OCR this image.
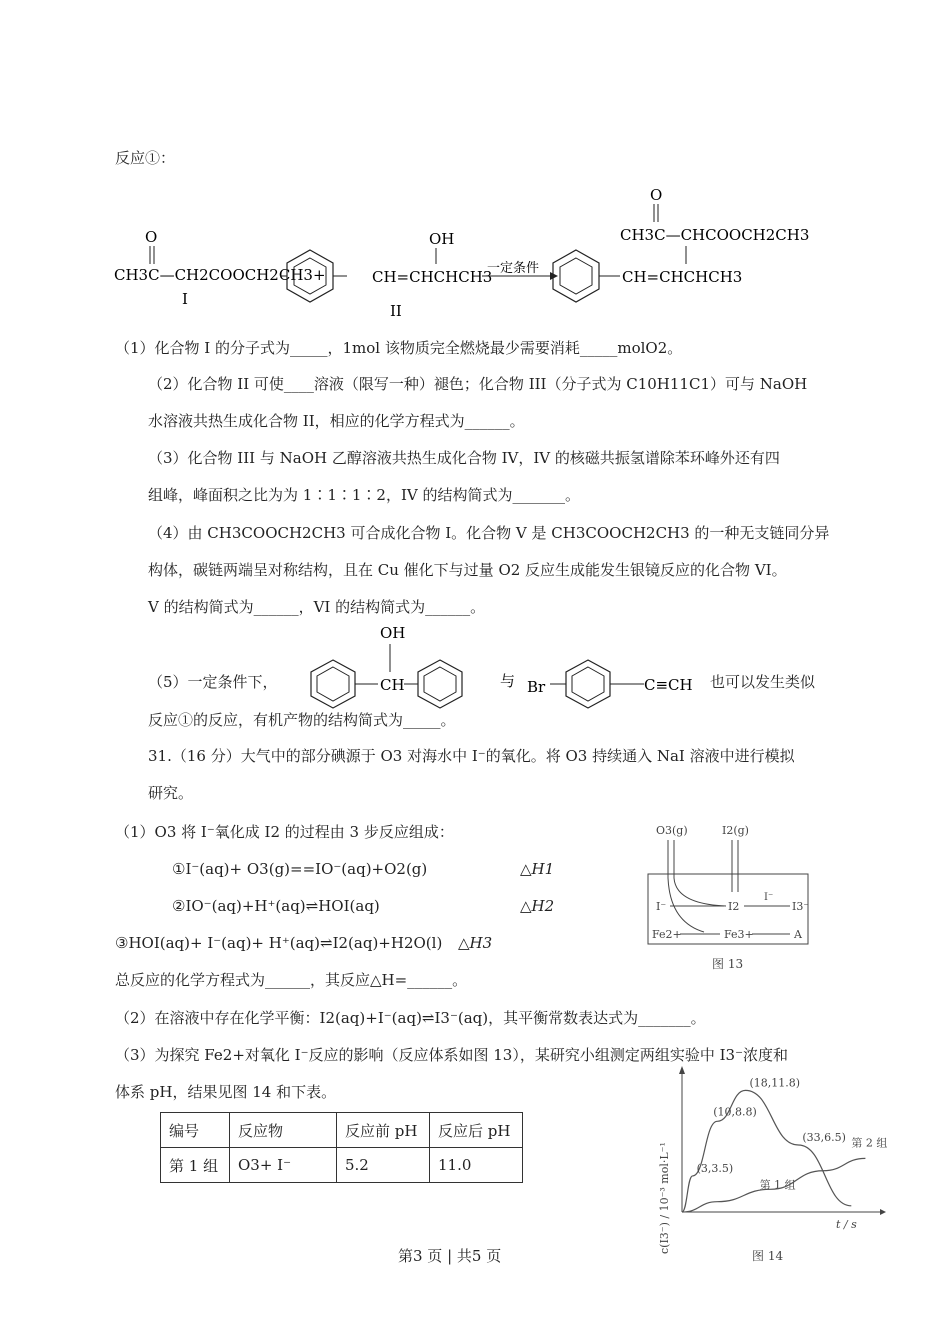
反应①：
O
CH3C—CH2COOCH2CH3+
I
OH
CH=CHCHCH3
II
一定条件
O
CH3C—CHCOOCH2CH3
CH=CHCHCH3
（1）化合物 I 的分子式为_____，1mol 该物质完全燃烧最少需要消耗_____molO2。
（2）化合物 II 可使____溶液（限写一种）褪色；化合物 III（分子式为 C10H11C1）可与 NaOH
水溶液共热生成化合物 II，相应的化学方程式为______。
（3）化合物 III 与 NaOH 乙醇溶液共热生成化合物 IV，IV 的核磁共振氢谱除苯环峰外还有四
组峰，峰面积之比为为 1∶1∶1∶2，IV 的结构简式为_______。
（4）由 CH3COOCH2CH3 可合成化合物 I。化合物 V 是 CH3COOCH2CH3 的一种无支链同分异
构体，碳链两端呈对称结构，且在 Cu 催化下与过量 O2 反应生成能发生银镜反应的化合物 VI。
V 的结构简式为______，VI 的结构简式为______。
（5）一定条件下，
OH
CH	与 Br	C≡CH 也可以发生类似
反应①的反应，有机产物的结构简式为_____。
31.（16 分）大气中的部分碘源于 O3 对海水中 I⁻的氧化。将 O3 持续通入 NaI 溶液中进行模拟
研究。
（1）O3 将 I⁻氧化成 I2 的过程由 3 步反应组成：
①I⁻(aq)+ O3(g)==IO⁻(aq)+O2(g)	△H1
②IO⁻(aq)+H⁺(aq)⇌HOI(aq)	△H2
③HOI(aq)+ I⁻(aq)+ H⁺(aq)⇌I2(aq)+H2O(l) △H3
总反应的化学方程式为______，其反应△H=______。
（2）在溶液中存在化学平衡：I2(aq)+I⁻(aq)⇌I3⁻(aq)，其平衡常数表达式为_______。
（3）为探究 Fe2+对氧化 I⁻反应的影响（反应体系如图 13），某研究小组测定两组实验中 I3⁻浓度和
体系 pH，结果见图 14 和下表。
O3(g)	I2(g)
I⁻	I2
I⁻
I3⁻
Fe2+	Fe3+	A
图 13
编号	反应物	反应前 pH	反应后 pH
第 1 组	O3+ I⁻	5.2	11.0	c(I3⁻) / 10⁻³ mol·L⁻¹	t / s
图 14
第 1 组
第 2 组
(18,11.8)
(10,8.8)
(33,6.5)
(3,3.5)
第3 页 | 共5 页
